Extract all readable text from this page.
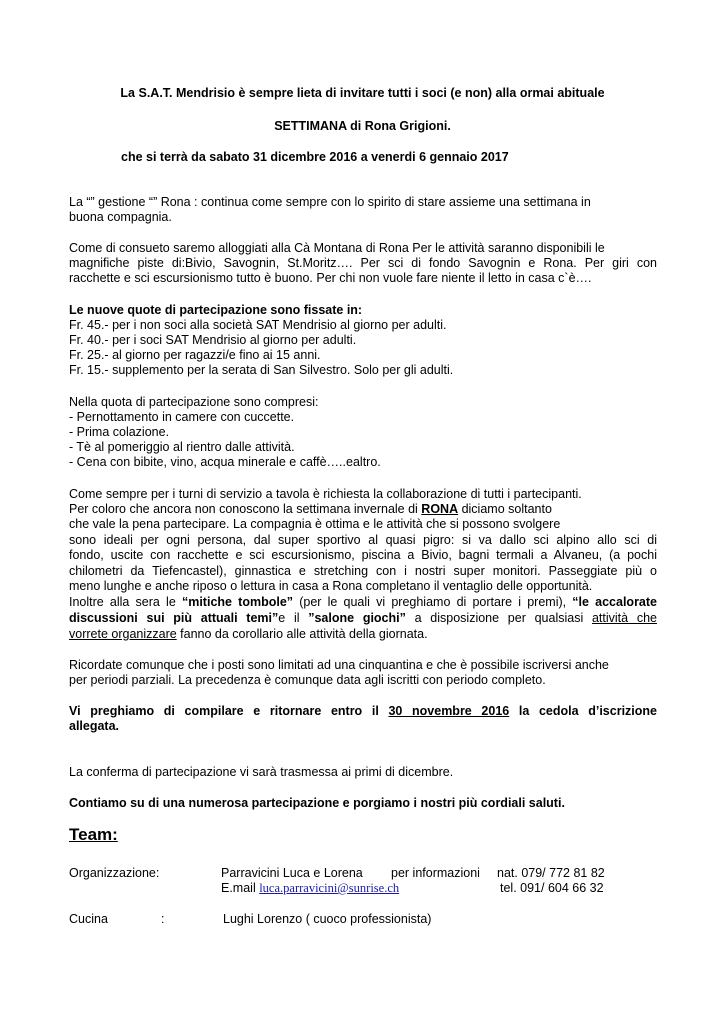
La S.A.T. Mendrisio è sempre lieta di invitare tutti i soci (e non) alla ormai abituale
SETTIMANA di Rona Grigioni.
che si terrà da sabato 31 dicembre 2016 a venerdi 6 gennaio 2017
La “” gestione “” Rona : continua come sempre con lo spirito di stare assieme una settimana in
buona compagnia.
Come di consueto saremo alloggiati alla Cà Montana di Rona Per le attività saranno disponibili le
magnifiche piste di:Bivio, Savognin, St.Moritz…. Per sci di fondo Savognin e Rona. Per giri con
racchette e sci escursionismo tutto è buono. Per chi non vuole fare niente il letto in casa c`è….
Le nuove quote di partecipazione sono fissate in:
Fr. 45.- per i non soci alla società SAT Mendrisio al giorno per adulti.
Fr. 40.- per i soci SAT Mendrisio al giorno per adulti.
Fr. 25.- al giorno per ragazzi/e fino ai 15 anni.
Fr. 15.- supplemento per la serata di San Silvestro. Solo per gli adulti.
Nella quota di partecipazione sono compresi:
- Pernottamento in camere con cuccette.
- Prima colazione.
- Tè al pomeriggio al rientro dalle attività.
- Cena con bibite, vino, acqua minerale e caffè…..ealtro.
Come sempre per i turni di servizio a tavola è richiesta la collaborazione di tutti i partecipanti.
Per coloro che ancora non conoscono la settimana invernale di RONA diciamo soltanto
che vale la pena partecipare. La compagnia è ottima e le attività che si possono svolgere
sono ideali per ogni persona, dal super sportivo al quasi pigro: si va dallo sci alpino allo sci di
fondo, uscite con racchette e sci escursionismo, piscina a Bivio, bagni termali a Alvaneu, (a pochi
chilometri da Tiefencastel), ginnastica e stretching con i nostri super monitori. Passeggiate più o
meno lunghe e anche riposo o lettura in casa a Rona completano il ventaglio delle opportunità.
Inoltre alla sera le “mitiche tombole” (per le quali vi preghiamo di portare i premi), “le accalorate
discussioni sui più attuali temi”e il ”salone giochi” a disposizione per qualsiasi attività che
vorrete organizzare fanno da corollario alle attività della giornata.
Ricordate comunque che i posti sono limitati ad una cinquantina e che è possibile iscriversi anche
per periodi parziali. La precedenza è comunque data agli iscritti con periodo completo.
Vi preghiamo di compilare e ritornare entro il 30 novembre 2016 la cedola d’iscrizione
allegata.
La conferma di partecipazione vi sarà trasmessa ai primi di dicembre.
Contiamo su di una numerosa partecipazione e porgiamo i nostri più cordiali saluti.
Team:
Organizzazione:	Parravicini Luca e Lorena per informazioni nat. 079/ 772 81 82
E.mail luca.parravicini@sunrise.ch	tel. 091/ 604 66 32
Cucina	:	Lughi Lorenzo ( cuoco professionista)
